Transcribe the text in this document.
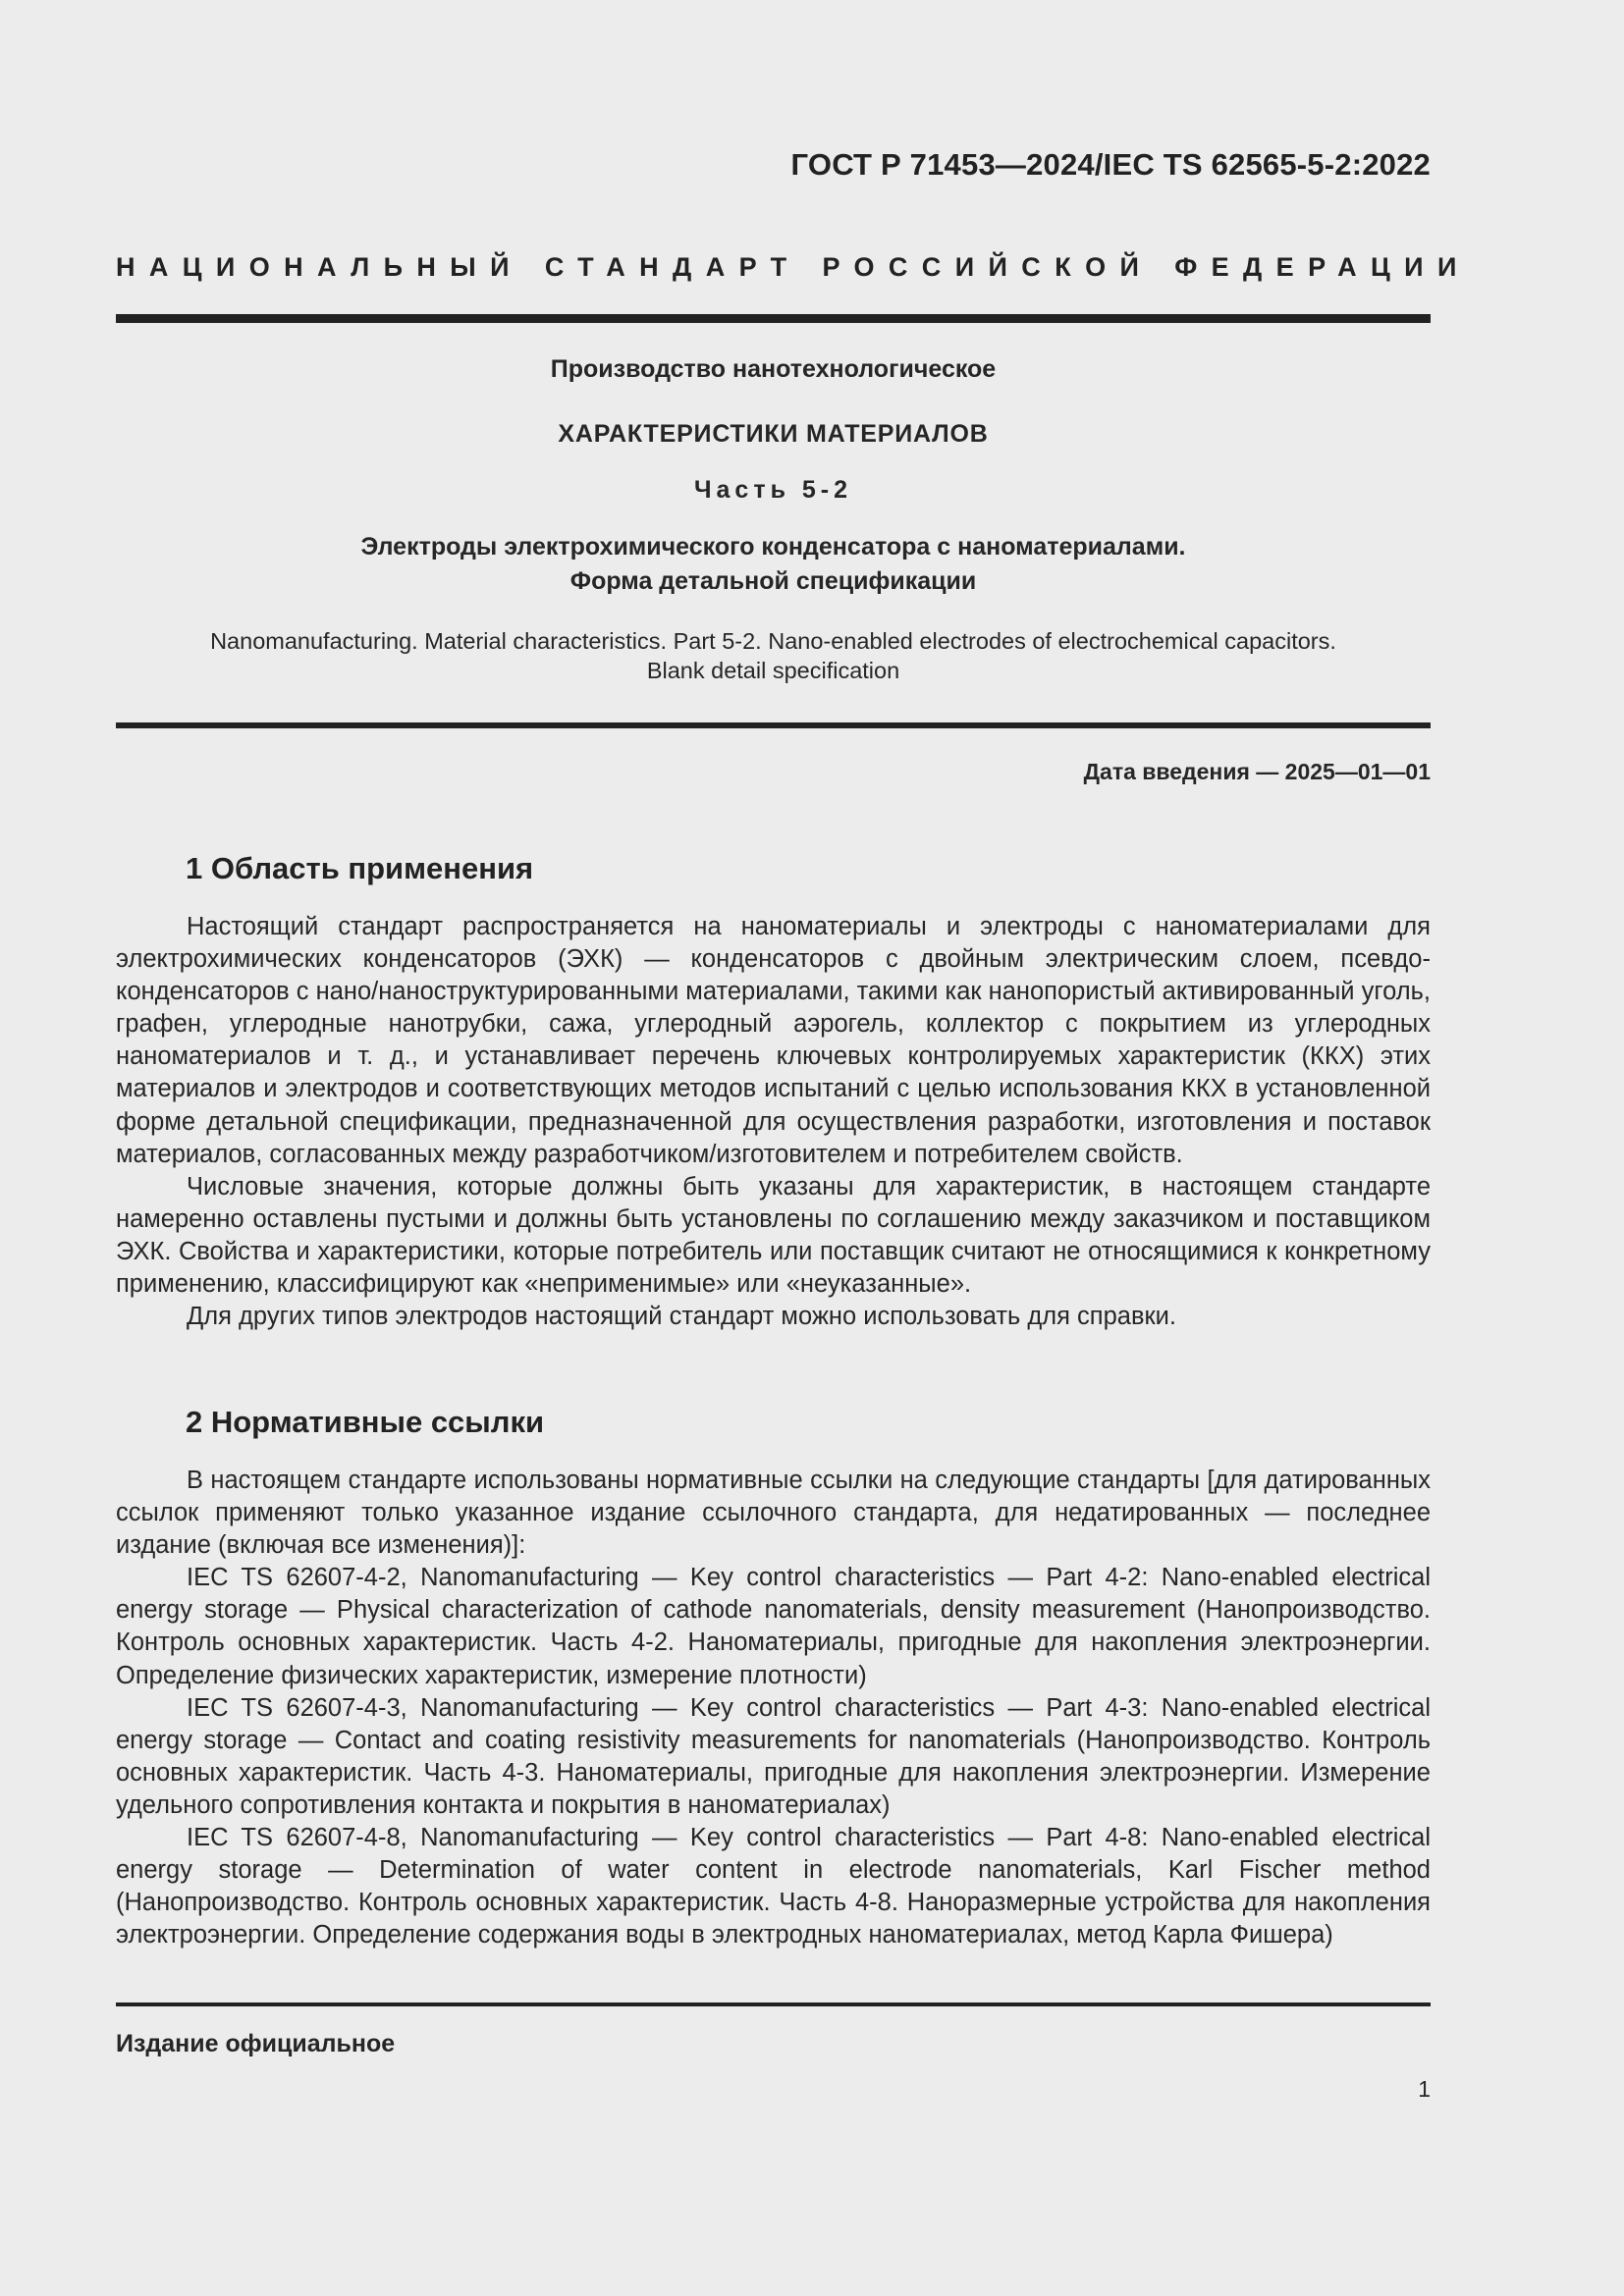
ГОСТ Р 71453—2024/IEC TS 62565-5-2:2022
НАЦИОНАЛЬНЫЙ СТАНДАРТ РОССИЙСКОЙ ФЕДЕРАЦИИ
Производство нанотехнологическое
ХАРАКТЕРИСТИКИ МАТЕРИАЛОВ
Часть 5-2
Электроды электрохимического конденсатора с наноматериалами.
Форма детальной спецификации
Nanomanufacturing. Material characteristics. Part 5-2. Nano-enabled electrodes of electrochemical capacitors.
Blank detail specification
Дата введения — 2025—01—01
1 Область применения

Настоящий стандарт распространяется на наноматериалы и электроды с наноматериалами для электрохимических конденсаторов (ЭХК) — конденсаторов с двойным электрическим слоем, псевдоконденсаторов с нано/наноструктурированными материалами, такими как нанопористый активированный уголь, графен, углеродные нанотрубки, сажа, углеродный аэрогель, коллектор с покрытием из углеродных наноматериалов и т. д., и устанавливает перечень ключевых контролируемых характеристик (ККХ) этих материалов и электродов и соответствующих методов испытаний с целью использования ККХ в установленной форме детальной спецификации, предназначенной для осуществления разработки, изготовления и поставок материалов, согласованных между разработчиком/изготовителем и потребителем свойств.

Числовые значения, которые должны быть указаны для характеристик, в настоящем стандарте намеренно оставлены пустыми и должны быть установлены по соглашению между заказчиком и поставщиком ЭХК. Свойства и характеристики, которые потребитель или поставщик считают не относящимися к конкретному применению, классифицируют как «неприменимые» или «неуказанные».

Для других типов электродов настоящий стандарт можно использовать для справки.

2 Нормативные ссылки

В настоящем стандарте использованы нормативные ссылки на следующие стандарты [для датированных ссылок применяют только указанное издание ссылочного стандарта, для недатированных — последнее издание (включая все изменения)]:

IEC TS 62607-4-2, Nanomanufacturing — Key control characteristics — Part 4-2: Nano-enabled electrical energy storage — Physical characterization of cathode nanomaterials, density measurement (Нанопроизводство. Контроль основных характеристик. Часть 4-2. Наноматериалы, пригодные для накопления электроэнергии. Определение физических характеристик, измерение плотности)

IEC TS 62607-4-3, Nanomanufacturing — Key control characteristics — Part 4-3: Nano-enabled electrical energy storage — Contact and coating resistivity measurements for nanomaterials (Нанопроизводство. Контроль основных характеристик. Часть 4-3. Наноматериалы, пригодные для накопления электроэнергии. Измерение удельного сопротивления контакта и покрытия в наноматериалах)

IEC TS 62607-4-8, Nanomanufacturing — Key control characteristics — Part 4-8: Nano-enabled electrical energy storage — Determination of water content in electrode nanomaterials, Karl Fischer method (Нанопроизводство. Контроль основных характеристик. Часть 4-8. Наноразмерные устройства для накопления электроэнергии. Определение содержания воды в электродных наноматериалах, метод Карла Фишера)

Издание официальное
1
